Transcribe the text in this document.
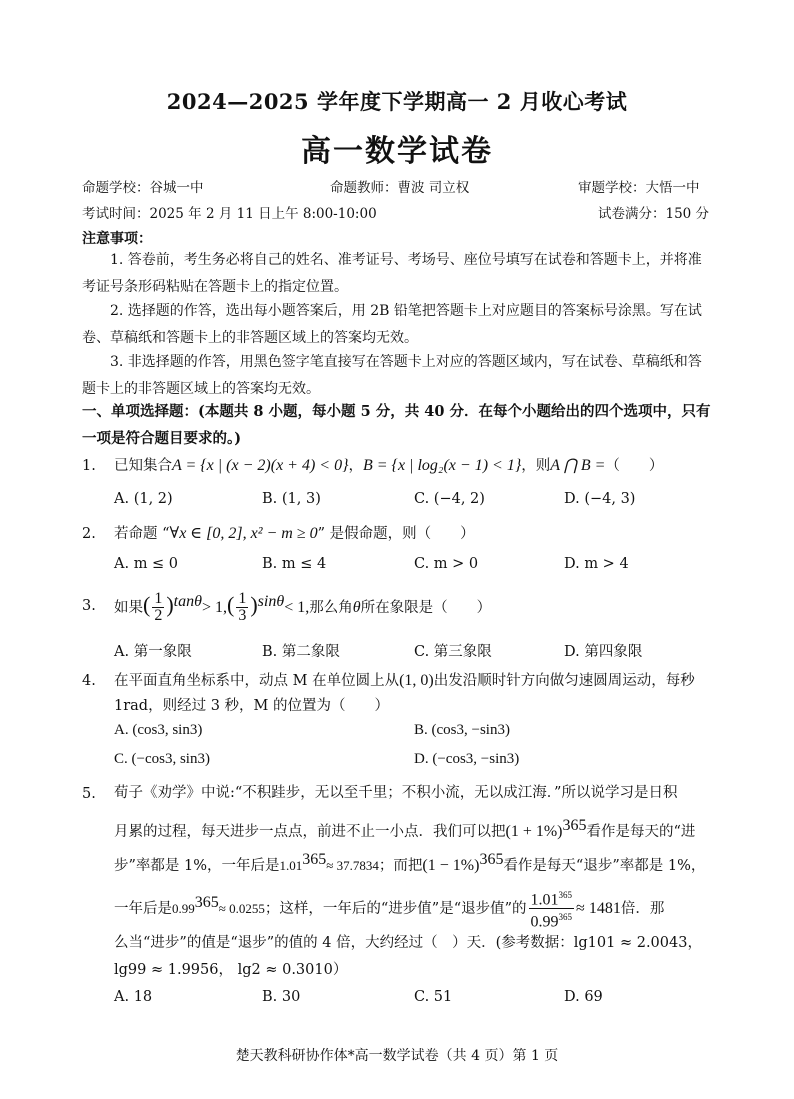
2024—2025 学年度下学期高一 2 月收心考试
高一数学试卷
命题学校：谷城一中	命题教师：曹波 司立权	审题学校：大悟一中
考试时间：2025 年 2 月 11 日上午 8:00-10:00	试卷满分：150 分
注意事项：
1. 答卷前，考生务必将自己的姓名、准考证号、考场号、座位号填写在试卷和答题卡上，并将准考证号条形码粘贴在答题卡上的指定位置。
2. 选择题的作答，选出每小题答案后，用 2B 铅笔把答题卡上对应题目的答案标号涂黑。写在试卷、草稿纸和答题卡上的非答题区域上的答案均无效。
3. 非选择题的作答，用黑色签字笔直接写在答题卡上对应的答题区域内，写在试卷、草稿纸和答题卡上的非答题区域上的答案均无效。
一、单项选择题：(本题共 8 小题，每小题 5 分，共 40 分．在每个小题给出的四个选项中，只有一项是符合题目要求的。)
1. 已知集合A = {x | (x − 2)(x + 4) < 0}，B = {x | log₂(x − 1) < 1}，则A ⋂ B =（　　）
A. (1, 2)	B. (1, 3)	C. (−4, 2)	D. (−4, 3)
2. 若命题 “∀x ∈ [0, 2], x² − m ≥ 0” 是假命题，则（　　）
A. m ≤ 0	B. m ≤ 4	C. m > 0	D. m > 4
3. 如果( $\frac{1}{2} )^{tan\theta}> 1,( \frac{1}{3} )^{sin\theta}< 1$,那么角θ所在象限是（　　）
A. 第一象限	B. 第二象限	C. 第三象限	D. 第四象限
4. 在平面直角坐标系中，动点 M 在单位圆上从(1, 0)出发沿顺时针方向做匀速圆周运动，每秒
1rad，则经过 3 秒，M 的位置为（　　）
A. (cos3, sin3)	B. (cos3, −sin3)
C. (−cos3, sin3)	D. (−cos3, −sin3)
5. 荀子《劝学》中说:“不积跬步，无以至千里；不积小流，无以成江海．”所以说学习是日积
月累的过程，每天进步一点点，前进不止一小点．我们可以把$(1 + 1\%)^{365}$看作是每天的“进
步”率都是 1%，一年后是$1.01^{365}\approx 37.7834$；而把$(1 - 1\%)^{365}$看作是每天“退步”率都是 1%，
一年后是$0.99^{365}\approx 0.0255$；这样，一年后的“进步值”是“退步值”的 $\frac{1.01^{365}}{0.99^{365}} \approx 1481$倍．那
么当“进步”的值是“退步”的值的 4 倍，大约经过（　）天．(参考数据：lg101 ≈ 2.0043，
lg99 ≈ 1.9956， lg2 ≈ 0.3010）
A. 18	B. 30	C. 51	D. 69
楚天教科研协作体*高一数学试卷（共 4 页）第 1 页
